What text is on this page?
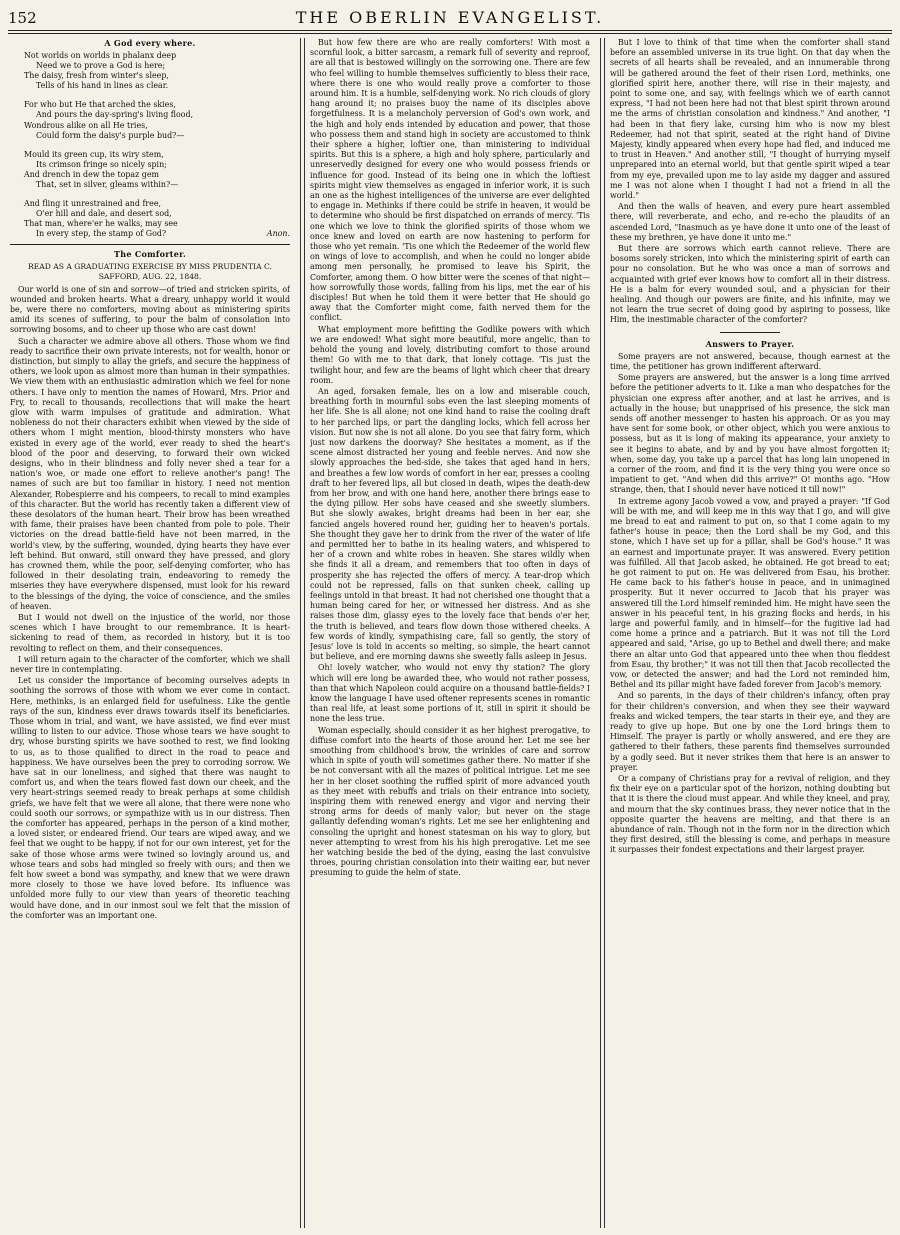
152	THE OBERLIN EVANGELIST.
A God every where.
Not worlds on worlds in phalanx deep
Need we to prove a God is here;
The daisy, fresh from winter's sleep,
Tells of his hand in lines as clear.
For who but He that arched the skies,
And pours the day-spring's living flood,
Wondrous alike on all He tries,
Could form the daisy's purple bud?—
Mould its green cup, its wiry stem,
Its crimson fringe so nicely spin;
And drench in dew the topaz gem
That, set in silver, gleams within?—
And fling it unrestrained and free,
O'er hill and dale, and desert sod,
That man, where'er he walks, may see
In every step, the stamp of God?	Anon.
The Comforter.
READ AS A GRADUATING EXERCISE BY MISS PRUDENTIA C. SAFFORD, AUG. 22, 1848.

Our world is one of sin and sorrow—of tried and stricken spirits, of wounded and broken hearts. What a dreary, unhappy world it would be, were there no comforters, moving about as ministering spirits amid its scenes of suffering, to pour the balm of consolation into sorrowing bosoms, and to cheer up those who are cast down!

Such a character we admire above all others. Those whom we find ready to sacrifice their own private interests, not for wealth, honor or distinction, but simply to allay the griefs, and secure the happiness of others, we look upon as almost more than human in their sympathies. We view them with an enthusiastic admiration which we feel for none others. I have only to mention the names of Howard, Mrs. Prior and Fry, to recall to thousands, recollections that will make the heart glow with warm impulses of gratitude and admiration. What nobleness do not their characters exhibit when viewed by the side of others whom I might mention, blood-thirsty monsters who have existed in every age of the world, ever ready to shed the heart's blood of the poor and deserving, to forward their own wicked designs, who in their blindness and folly never shed a tear for a nation's woe, or made one effort to relieve another's pang! The names of such are but too familiar in history. I need not mention Alexander, Robespierre and his compeers, to recall to mind examples of this character. But the world has recently taken a different view of these desolators of the human heart. Their brow has been wreathed with fame, their praises have been chanted from pole to pole. Their victories on the dread battle-field have not been marred, in the world's view, by the suffering, wounded, dying hearts they have ever left behind. But onward, still onward they have pressed, and glory has crowned them, while the poor, self-denying comforter, who has followed in their desolating train, endeavoring to remedy the miseries they have everywhere dispensed, must look for his reward to the blessings of the dying, the voice of conscience, and the smiles of heaven.

But I would not dwell on the injustice of the world, nor those scenes which I have brought to our remembrance. It is heart-sickening to read of them, as recorded in history, but it is too revolting to reflect on them, and their consequences.

I will return again to the character of the comforter, which we shall never tire in contemplating.

Let us consider the importance of becoming ourselves adepts in soothing the sorrows of those with whom we ever come in contact. Here, methinks, is an enlarged field for usefulness. Like the gentle rays of the sun, kindness ever draws towards itself its beneficiaries. Those whom in trial, and want, we have assisted, we find ever must willing to listen to our advice. Those whose tears we have sought to dry, whose bursting spirits we have soothed to rest, we find looking to us, as to those qualified to direct in the road to peace and happiness. We have ourselves been the prey to corroding sorrow. We have sat in our loneliness, and sighed that there was naught to comfort us, and when the tears flowed fast down our cheek, and the very heart-strings seemed ready to break perhaps at some childish griefs, we have felt that we were all alone, that there were none who could sooth our sorrows, or sympathize with us in our distress. Then the comforter has appeared, perhaps in the person of a kind mother, a loved sister, or endeared friend. Our tears are wiped away, and we feel that we ought to be happy, if not for our own interest, yet for the sake of those whose arms were twined so lovingly around us, and whose tears and sobs had mingled so freely with ours; and then we felt how sweet a bond was sympathy, and knew that we were drawn more closely to those we have loved before. Its influence was unfolded more fully to our view than years of theoretic teaching would have done, and in our inmost soul we felt that the mission of the comforter was an important one.

But how few there are who are really comforters! With most a scornful look, a bitter sarcasm, a remark full of severity and reproof, are all that is bestowed willingly on the sorrowing one. There are few who feel willing to humble themselves sufficiently to bless their race, where there is one who would really prove a comforter to those around him. It is a humble, self-denying work. No rich clouds of glory hang around it; no praises buoy the name of its disciples above forgetfulness. It is a melancholy perversion of God's own work, and the high and holy ends intended by education and power, that those who possess them and stand high in society are accustomed to think their sphere a higher, loftier one, than ministering to individual spirits. But this is a sphere, a high and holy sphere, particularly and unreservedly designed for every one who would possess friends or influence for good. Instead of its being one in which the loftiest spirits might view themselves as engaged in inferior work, it is such an one as the highest intelligences of the universe are ever delighted to engage in. Methinks if there could be strife in heaven, it would be to determine who should be first dispatched on errands of mercy. 'Tis one which we love to think the glorified spirits of those whom we once knew and loved on earth are now hastening to perform for those who yet remain. 'Tis one which the Redeemer of the world flew on wings of love to accomplish, and when he could no longer abide among men personally, he promised to leave his Spirit, the Comforter, among them. O how bitter were the scenes of that night—how sorrowfully those words, falling from his lips, met the ear of his disciples! But when he told them it were better that He should go away that the Comforter might come, faith nerved them for the conflict.

What employment more befitting the Godlike powers with which we are endowed! What sight more beautiful, more angelic, than to behold the young and lovely, distributing comfort to those around them! Go with me to that dark, that lonely cottage. 'Tis just the twilight hour, and few are the beams of light which cheer that dreary room.

An aged, forsaken female, lies on a low and miserable couch, breathing forth in mournful sobs even the last sleeping moments of her life. She is all alone; not one kind hand to raise the cooling draft to her parched lips, or part the dangling locks, which fell across her vision. But now she is not all alone. Do you see that fairy form, which just now darkens the doorway? She hesitates a moment, as if the scene almost distracted her young and feeble nerves. And now she slowly approaches the bed-side, she takes that aged hand in hers, and breathes a few low words of comfort in her ear, presses a cooling draft to her fevered lips, all but closed in death, wipes the death-dew from her brow, and with one hand here, another there brings ease to the dying pillow. Her sobs have ceased and she sweetly slumbers. But she slowly awakes, bright dreams had been in her ear, she fancied angels hovered round her, guiding her to heaven's portals. She thought they gave her to drink from the river of the water of life and permitted her to bathe in its healing waters, and whispered to her of a crown and white robes in heaven. She stares wildly when she finds it all a dream, and remembers that too often in days of prosperity she has rejected the offers of mercy. A tear-drop which could not be repressed, falls on that sunken cheek, calling up feelings untold in that breast. It had not cherished one thought that a human being cared for her, or witnessed her distress. And as she raises those dim, glassy eyes to the lovely face that bends o'er her, the truth is believed, and tears flow down those withered cheeks. A few words of kindly, sympathising care, fall so gently, the story of Jesus' love is told in accents so melting, so simple, the heart cannot but believe, and ere morning dawns she sweetly falls asleep in Jesus.

Oh! lovely watcher, who would not envy thy station? The glory which will ere long be awarded thee, who would not rather possess, than that which Napoleon could acquire on a thousand battle-fields? I know the language I have used oftener represents scenes in romantic than real life, at least some portions of it, still in spirit it should be none the less true.

Woman especially, should consider it as her highest prerogative, to diffuse comfort into the hearts of those around her. Let me see her smoothing from childhood's brow, the wrinkles of care and sorrow which in spite of youth will sometimes gather there. No matter if she be not conversant with all the mazes of political intrigue. Let me see her in her closet soothing the ruffled spirit of more advanced youth as they meet with rebuffs and trials on their entrance into society, inspiring them with renewed energy and vigor and nerving their strong arms for deeds of manly valor; but never on the stage gallantly defending woman's rights. Let me see her enlightening and consoling the upright and honest statesman on his way to glory, but never attempting to wrest from his his high prerogative. Let me see her watching beside the bed of the dying, easing the last convulsive throes, pouring christian consolation into their waiting ear, but never presuming to guide the helm of state.

But I love to think of that time when the comforter shall stand before an assembled universe in its true light. On that day when the secrets of all hearts shall be revealed, and an innumerable throng will be gathered around the feet of their risen Lord, methinks, one glorified spirit here, another there, will rise in their majesty, and point to some one, and say, with feelings which we of earth cannot express, "I had not been here had not that blest spirit thrown around me the arms of christian consolation and kindness." And another, "I had been in that fiery lake, cursing him who is now my blest Redeemer, had not that spirit, seated at the right hand of Divine Majesty, kindly appeared when every hope had fled, and induced me to trust in Heaven." And another still, "I thought of hurrying myself unprepared into an eternal world, but that gentle spirit wiped a tear from my eye, prevailed upon me to lay aside my dagger and assured me I was not alone when I thought I had not a friend in all the world."

And then the walls of heaven, and every pure heart assembled there, will reverberate, and echo, and re-echo the plaudits of an ascended Lord, "Inasmuch as ye have done it unto one of the least of these my brethren, ye have done it unto me."

But there are sorrows which earth cannot relieve. There are bosoms sorely stricken, into which the ministering spirit of earth can pour no consolation. But he who was once a man of sorrows and acquainted with grief ever knows how to comfort all in their distress. He is a balm for every wounded soul, and a physician for their healing. And though our powers are finite, and his infinite, may we not learn the true secret of doing good by aspiring to possess, like Him, the inestimable character of the comforter?

Answers to Prayer.

Some prayers are not answered, because, though earnest at the time, the petitioner has grown indifferent afterward.

Some prayers are answered, but the answer is a long time arrived before the petitioner adverts to it. Like a man who despatches for the physician one express after another, and at last he arrives, and is actually in the house; but unapprised of his presence, the sick man sends off another messenger to hasten his approach. Or as you may have sent for some book, or other object, which you were anxious to possess, but as it is long of making its appearance, your anxiety to see it begins to abate, and by and by you have almost forgotten it; when, some day, you take up a parcel that has long lain unopened in a corner of the room, and find it is the very thing you were once so impatient to get. "And when did this arrive?" O! months ago. "How strange, then, that I should never have noticed it till now!"

In extreme agony Jacob vowed a vow, and prayed a prayer: "If God will be with me, and will keep me in this way that I go, and will give me bread to eat and raiment to put on, so that I come again to my father's house in peace; then the Lord shall be my God, and this stone, which I have set up for a pillar, shall be God's house." It was an earnest and importunate prayer. It was answered. Every petition was fulfilled. All that Jacob asked, he obtained. He got bread to eat; he got raiment to put on. He was delivered from Esau, his brother. He came back to his father's house in peace, and in unimagined prosperity. But it never occurred to Jacob that his prayer was answered till the Lord himself reminded him. He might have seen the answer in his peaceful tent, in his grazing flocks and herds, in his large and powerful family, and in himself—for the fugitive lad had come home a prince and a patriarch. But it was not till the Lord appeared and said, "Arise, go up to Bethel and dwell there; and make there an altar unto God that appeared unto thee when thou fleddest from Esau, thy brother;" it was not till then that Jacob recollected the vow, or detected the answer; and had the Lord not reminded him, Bethel and its pillar might have faded forever from Jacob's memory.

And so parents, in the days of their children's infancy, often pray for their children's conversion, and when they see their wayward freaks and wicked tempers, the tear starts in their eye, and they are ready to give up hope. But one by one the Lord brings them to Himself. The prayer is partly or wholly answered, and ere they are gathered to their fathers, these parents find themselves surrounded by a godly seed. But it never strikes them that here is an answer to prayer.

Or a company of Christians pray for a revival of religion, and they fix their eye on a particular spot of the horizon, nothing doubting but that it is there the cloud must appear. And while they kneel, and pray, and mourn that the sky continues brass, they never notice that in the opposite quarter the heavens are melting, and that there is an abundance of rain. Though not in the form nor in the direction which they first desired, still the blessing is come, and perhaps in measure it surpasses their fondest expectations and their largest prayer.
